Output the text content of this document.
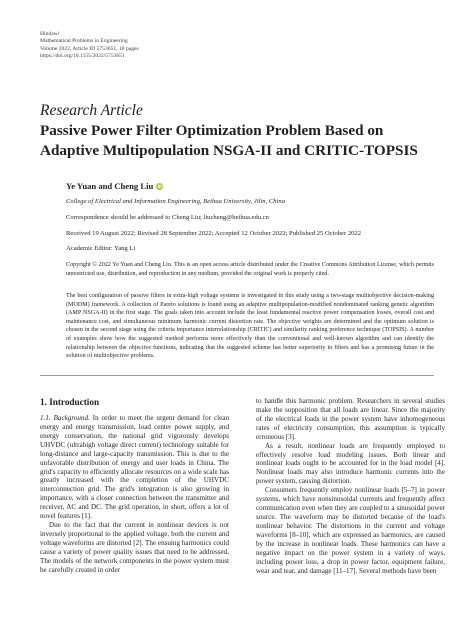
Hindawi
Mathematical Problems in Engineering
Volume 2022, Article ID 5753651, 18 pages
https://doi.org/10.1155/2022/5753651
Research Article
Passive Power Filter Optimization Problem Based on Adaptive Multipopulation NSGA-II and CRITIC-TOPSIS
Ye Yuan and Cheng Liu iD
College of Electrical and Information Engineering, Beihua University, Jilin, China
Correspondence should be addressed to Cheng Liu; liucheng@beihua.edu.cn
Received 19 August 2022; Revised 28 September 2022; Accepted 12 October 2022; Published 25 October 2022
Academic Editor: Yang Li
Copyright © 2022 Ye Yuan and Cheng Liu. This is an open access article distributed under the Creative Commons Attribution License, which permits unrestricted use, distribution, and reproduction in any medium, provided the original work is properly cited.
The best configuration of passive filters in extra-high voltage systems is investigated in this study using a two-stage multiobjective decision-making (MODM) framework. A collection of Pareto solutions is found using an adaptive multipopulation-modified nondominated ranking genetic algorithm (AMP NSGA-II) in the first stage. The goals taken into account include the least fundamental reactive power compensation losses, overall cost and maintenance cost, and simultaneous minimum harmonic current distortion rate. The objective weights are determined and the optimum solution is chosen in the second stage using the criteria importance interrelationship (CRITIC) and similarity ranking preference technique (TOPSIS). A number of examples show how the suggested method performs more effectively than the conventional and well-known algorithm and can identify the relationship between the objective functions, indicating that the suggested scheme has better superiority in filters and has a promising future in the solution of multiobjective problems.
1. Introduction

1.1. Background. In order to meet the urgent demand for clean energy and energy transmission, load center power supply, and energy conservation, the national grid vigorously develops UHVDC (ultrahigh voltage direct current) technology suitable for long-distance and large-capacity transmission. This is due to the unfavorable distribution of energy and user loads in China. The grid's capacity to efficiently allocate resources on a wide scale has greatly increased with the completion of the UHVDC interconnection grid. The grid's integration is also growing in importance, with a closer connection between the transmitter and receiver, AC and DC. The grid operation, in short, offers a lot of novel features [1].

Due to the fact that the current in nonlinear devices is not inversely proportional to the applied voltage, both the current and voltage waveforms are distorted [2]. The ensuing harmonics could cause a variety of power quality issues that need to be addressed. The models of the network components in the power system must be carefully created in order

to handle this harmonic problem. Researchers in several studies make the supposition that all loads are linear. Since the majority of the electrical loads in the power system have inhomogeneous rates of electricity consumption, this assumption is typically erroneous [3].

As a result, nonlinear loads are frequently employed to effectively resolve load modeling issues. Both linear and nonlinear loads ought to be accounted for in the load model [4]. Nonlinear loads may also introduce harmonic currents into the power system, causing distortion.

Consumers frequently employ nonlinear loads [5–7] in power systems, which have nonsinusoidal currents and frequently affect communication even when they are coupled to a sinusoidal power source. The waveform may be distorted because of the load's nonlinear behavior. The distortions in the current and voltage waveforms [8–10], which are expressed as harmonics, are caused by the increase in nonlinear loads. These harmonics can have a negative impact on the power system in a variety of ways, including power loss, a drop in power factor, equipment failure, wear and tear, and damage [11–17]. Several methods have been
